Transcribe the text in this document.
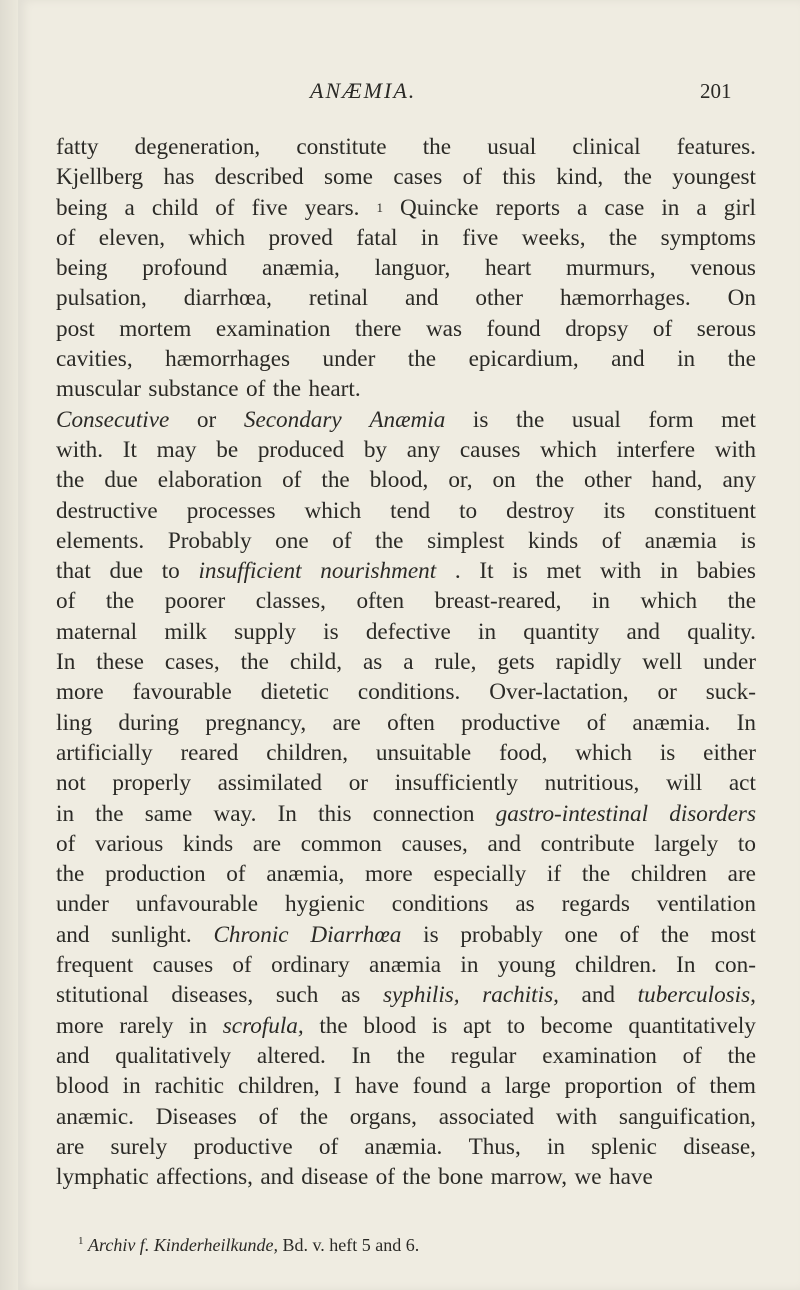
ANÆMIA.	201
fatty degeneration, constitute the usual clinical features.
Kjellberg has described some cases of this kind, the youngest
being a child of five years. 1 Quincke reports a case in a girl
of eleven, which proved fatal in five weeks, the symptoms
being profound anæmia, languor, heart murmurs, venous
pulsation, diarrhœa, retinal and other hæmorrhages. On
post mortem examination there was found dropsy of serous
cavities, hæmorrhages under the epicardium, and in the
muscular substance of the heart.
Consecutive or Secondary Anæmia is the usual form met
with. It may be produced by any causes which interfere with
the due elaboration of the blood, or, on the other hand, any
destructive processes which tend to destroy its constituent
elements. Probably one of the simplest kinds of anæmia is
that due to insufficient nourishment . It is met with in babies
of the poorer classes, often breast-reared, in which the
maternal milk supply is defective in quantity and quality.
In these cases, the child, as a rule, gets rapidly well under
more favourable dietetic conditions. Over-lactation, or suck-
ling during pregnancy, are often productive of anæmia. In
artificially reared children, unsuitable food, which is either
not properly assimilated or insufficiently nutritious, will act
in the same way. In this connection gastro-intestinal disorders
of various kinds are common causes, and contribute largely to
the production of anæmia, more especially if the children are
under unfavourable hygienic conditions as regards ventilation
and sunlight. Chronic Diarrhœa is probably one of the most
frequent causes of ordinary anæmia in young children. In con-
stitutional diseases, such as syphilis, rachitis, and tuberculosis,
more rarely in scrofula, the blood is apt to become quantitatively
and qualitatively altered. In the regular examination of the
blood in rachitic children, I have found a large proportion of them
anæmic. Diseases of the organs, associated with sanguification,
are surely productive of anæmia. Thus, in splenic disease,
lymphatic affections, and disease of the bone marrow, we have
$^1$ Archiv f. Kinderheilkunde, Bd. v. heft 5 and 6.
